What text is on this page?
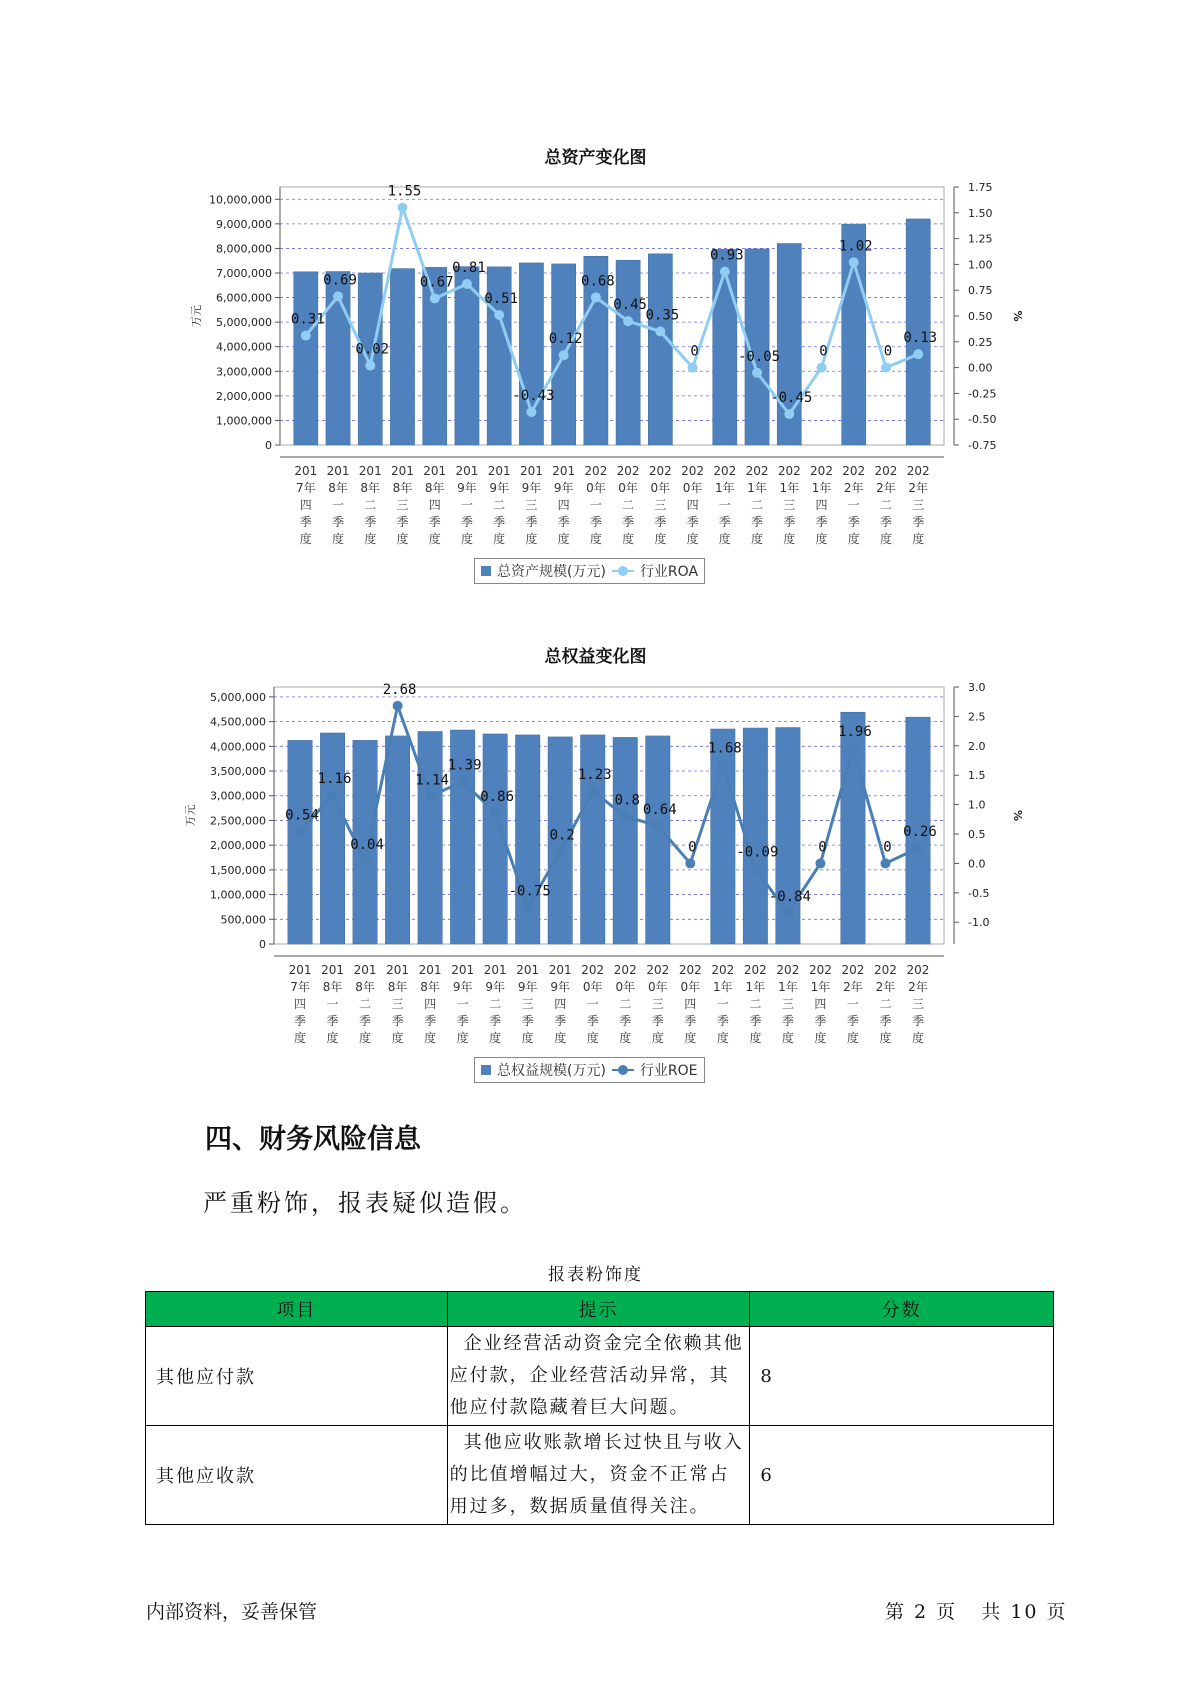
总资产变化图
0
1,000,000
2,000,000
3,000,000
4,000,000
5,000,000
6,000,000
7,000,000
8,000,000
9,000,000
10,000,000
-0.75
-0.50
-0.25
0.00
0.25
0.50
0.75
1.00
1.25
1.50
1.75
万元	%
0.31
0.69
0.02
1.55
0.67
0.81
0.51
-0.43
0.12
0.68
0.45
0.35
0
0.93
-0.05
-0.45
0
1.02
0
0.13
201
7年
四
季
度
201
8年
一
季
度
201
8年
二
季
度
201
8年
三
季
度
201
8年
四
季
度
201
9年
一
季
度
201
9年
二
季
度
201
9年
三
季
度
201
9年
四
季
度
202
0年
一
季
度
202
0年
二
季
度
202
0年
三
季
度
202
0年
四
季
度
202
1年
一
季
度
202
1年
二
季
度
202
1年
三
季
度
202
1年
四
季
度
202
2年
一
季
度
202
2年
二
季
度
202
2年
三
季
度
总资产规模(万元) 行业ROA
总权益变化图
0
500,000
1,000,000
1,500,000
2,000,000
2,500,000
3,000,000
3,500,000
4,000,000
4,500,000
5,000,000
-1.0
-0.5
0.0
0.5
1.0
1.5
2.0
2.5
3.0
万元	%
0.54
1.16
0.04
2.68
1.14
1.39
0.86
-0.75
0.2
1.23
0.8
0.64
0
1.68
-0.09
-0.84
0
1.96
0
0.26
201
7年
四
季
度
201
8年
一
季
度
201
8年
二
季
度
201
8年
三
季
度
201
8年
四
季
度
201
9年
一
季
度
201
9年
二
季
度
201
9年
三
季
度
201
9年
四
季
度
202
0年
一
季
度
202
0年
二
季
度
202
0年
三
季
度
202
0年
四
季
度
202
1年
一
季
度
202
1年
二
季
度
202
1年
三
季
度
202
1年
四
季
度
202
2年
一
季
度
202
2年
二
季
度
202
2年
三
季
度
总权益规模(万元) 行业ROE
四、财务风险信息
严重粉饰，报表疑似造假。
报表粉饰度
项目	提示	分数
其他应付款	企业经营活动资金完全依赖其他应付款，企业经营活动异常，其他应付款隐藏着巨大问题。	8
其他应收款	其他应收账款增长过快且与收入的比值增幅过大，资金不正常占用过多，数据质量值得关注。	6
内部资料，妥善保管	第 2 页   共 10 页
